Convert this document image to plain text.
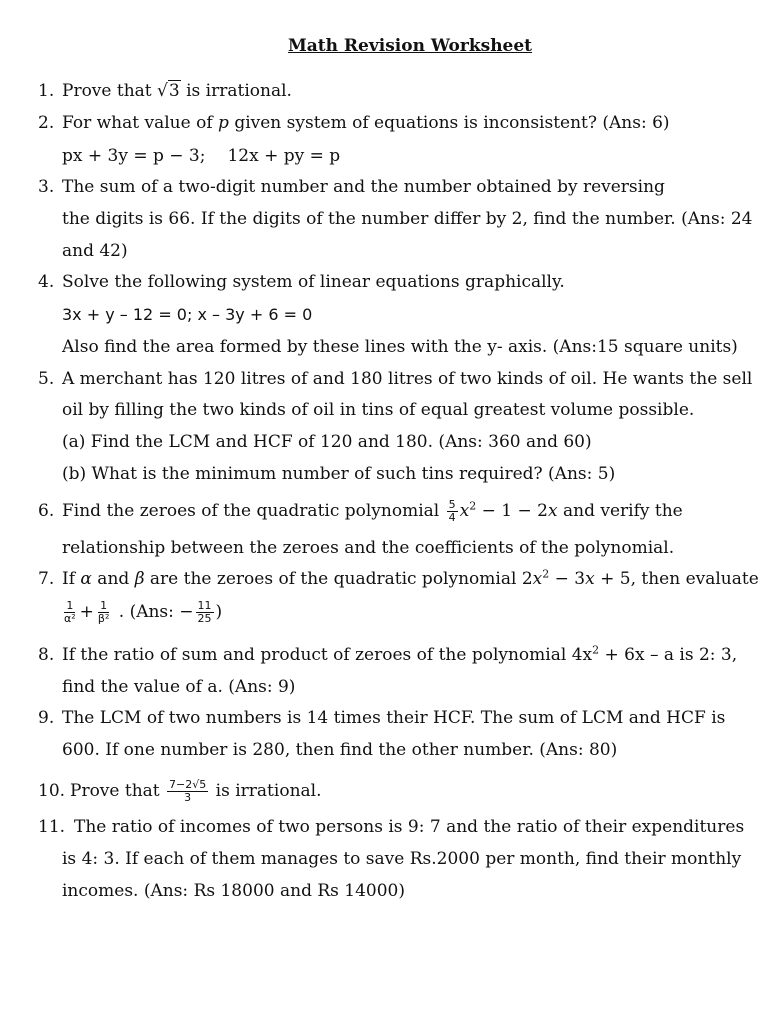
Math Revision Worksheet
1. Prove that √3 is irrational.
2. For what value of p given system of equations is inconsistent? (Ans: 6)
px + 3y = p − 3; 12x + py = p
3. The sum of a two-digit number and the number obtained by reversing
the digits is 66. If the digits of the number differ by 2, find the number. (Ans: 24
and 42)
4. Solve the following system of linear equations graphically.
3x + y – 12 = 0; x – 3y + 6 = 0
Also find the area formed by these lines with the y- axis. (Ans:15 square units)
5. A merchant has 120 litres of and 180 litres of two kinds of oil. He wants the sell
oil by filling the two kinds of oil in tins of equal greatest volume possible.
(a) Find the LCM and HCF of 120 and 180. (Ans: 360 and 60)
(b) What is the minimum number of such tins required? (Ans: 5)
6. Find the zeroes of the quadratic polynomial $\frac{5}{4} x^2 - 1 - 2x$ and verify the
relationship between the zeroes and the coefficients of the polynomial.
7. If α and β are the zeroes of the quadratic polynomial $2x^2 - 3x + 5$, then evaluate
$\frac{1}{\text{α²}} + \frac{1}{\text{β²}}$ . (Ans: − $\frac{11}{25}$ )
8. If the ratio of sum and product of zeroes of the polynomial $4x^2 + 6x - a$ is 2: 3,
find the value of a. (Ans: 9)
9. The LCM of two numbers is 14 times their HCF. The sum of LCM and HCF is
600. If one number is 280, then find the other number. (Ans: 80)
10. Prove that $\frac{7-2√5}{3}$ is irrational.
11. The ratio of incomes of two persons is 9: 7 and the ratio of their expenditures
is 4: 3. If each of them manages to save Rs.2000 per month, find their monthly
incomes. (Ans: Rs 18000 and Rs 14000)
